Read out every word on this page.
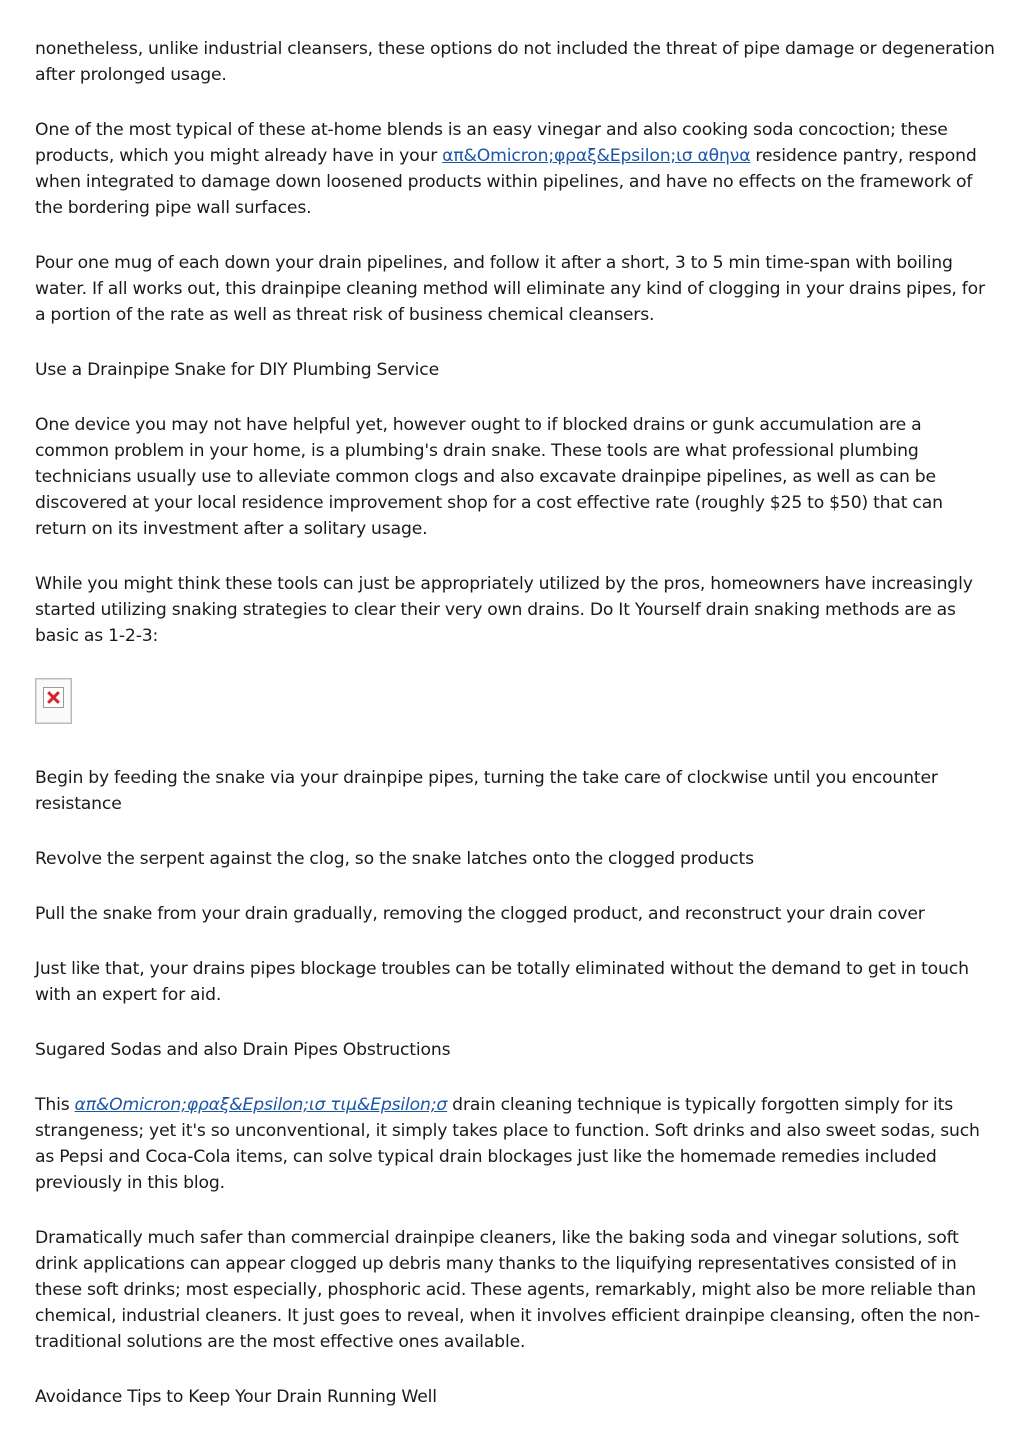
nonetheless, unlike industrial cleansers, these options do not included the threat of pipe damage or degeneration after prolonged usage.

One of the most typical of these at-home blends is an easy vinegar and also cooking soda concoction; these products, which you might already have in your απ&Omicron;φραξ&Epsilon;ισ αθηνα residence pantry, respond when integrated to damage down loosened products within pipelines, and have no effects on the framework of the bordering pipe wall surfaces.

Pour one mug of each down your drain pipelines, and follow it after a short, 3 to 5 min time-span with boiling water. If all works out, this drainpipe cleaning method will eliminate any kind of clogging in your drains pipes, for a portion of the rate as well as threat risk of business chemical cleansers.

Use a Drainpipe Snake for DIY Plumbing Service

One device you may not have helpful yet, however ought to if blocked drains or gunk accumulation are a common problem in your home, is a plumbing's drain snake. These tools are what professional plumbing technicians usually use to alleviate common clogs and also excavate drainpipe pipelines, as well as can be discovered at your local residence improvement shop for a cost effective rate (roughly $25 to $50) that can return on its investment after a solitary usage.

While you might think these tools can just be appropriately utilized by the pros, homeowners have increasingly started utilizing snaking strategies to clear their very own drains. Do It Yourself drain snaking methods are as basic as 1-2-3:

Begin by feeding the snake via your drainpipe pipes, turning the take care of clockwise until you encounter resistance

Revolve the serpent against the clog, so the snake latches onto the clogged products

Pull the snake from your drain gradually, removing the clogged product, and reconstruct your drain cover

Just like that, your drains pipes blockage troubles can be totally eliminated without the demand to get in touch with an expert for aid.

Sugared Sodas and also Drain Pipes Obstructions

This απ&Omicron;φραξ&Epsilon;ισ τιμ&Epsilon;σ drain cleaning technique is typically forgotten simply for its strangeness; yet it's so unconventional, it simply takes place to function. Soft drinks and also sweet sodas, such as Pepsi and Coca-Cola items, can solve typical drain blockages just like the homemade remedies included previously in this blog.

Dramatically much safer than commercial drainpipe cleaners, like the baking soda and vinegar solutions, soft drink applications can appear clogged up debris many thanks to the liquifying representatives consisted of in these soft drinks; most especially, phosphoric acid. These agents, remarkably, might also be more reliable than chemical, industrial cleaners. It just goes to reveal, when it involves efficient drainpipe cleansing, often the non-traditional solutions are the most effective ones available.

Avoidance Tips to Keep Your Drain Running Well
